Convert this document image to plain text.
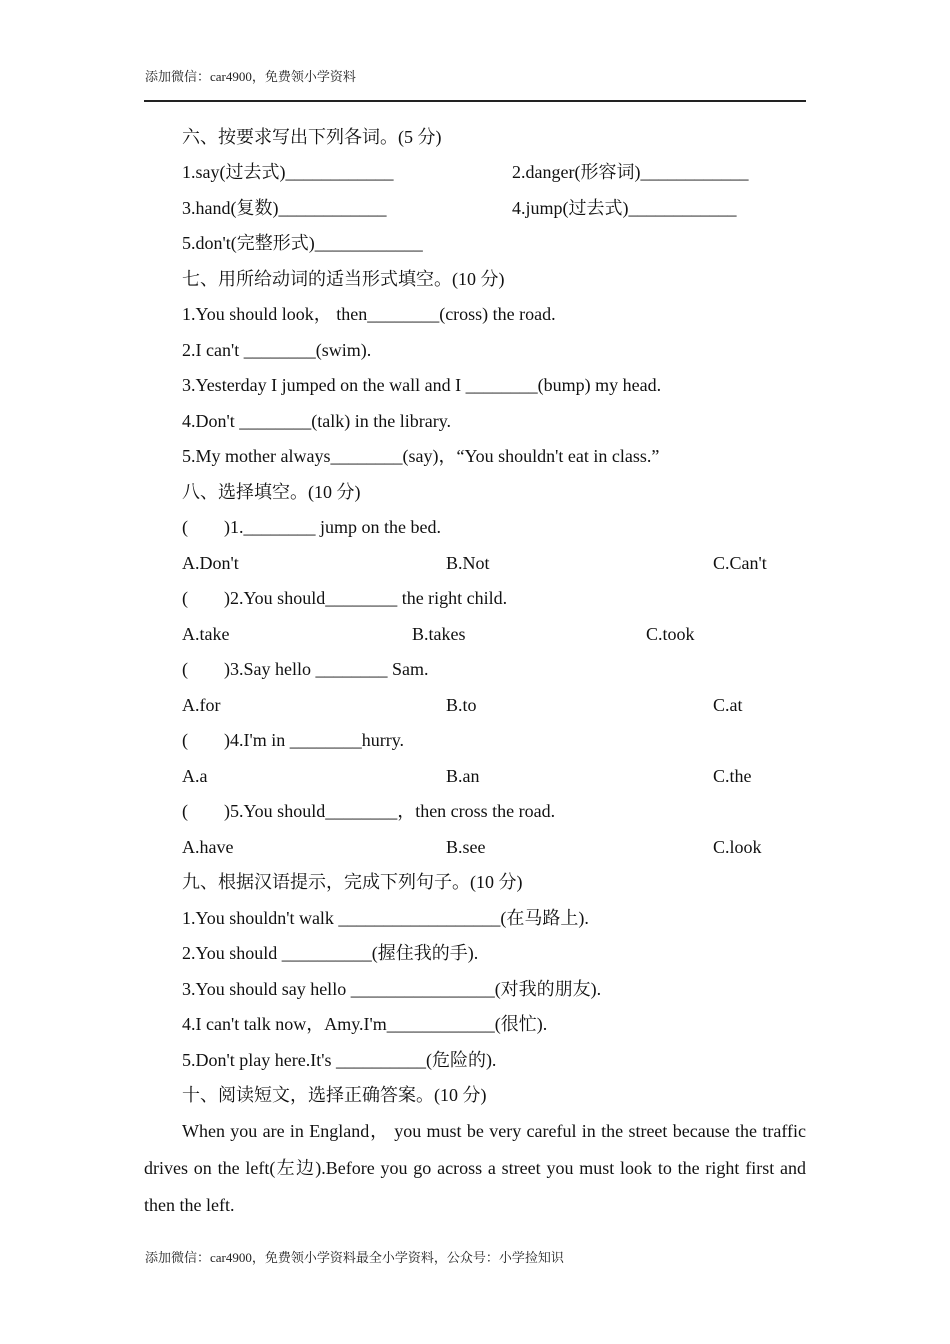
添加微信：car4900，免费领小学资料
六、按要求写出下列各词。(5 分)
1.say(过去式)____________	2.danger(形容词)____________
3.hand(复数)____________	4.jump(过去式)____________
5.don't(完整形式)____________
七、用所给动词的适当形式填空。(10 分)
1.You should look， then________(cross) the road.
2.I can't ________(swim).
3.Yesterday I jumped on the wall and I ________(bump) my head.
4.Don't ________(talk) in the library.
5.My mother always________(say)，“You shouldn't eat in class.”
八、选择填空。(10 分)
(　　)1.________ jump on the bed.
A.Don't	B.Not	C.Can't
(　　)2.You should________ the right child.
A.take	B.takes	C.took
(　　)3.Say hello ________ Sam.
A.for	B.to	C.at
(　　)4.I'm in ________hurry.
A.a	B.an	C.the
(　　)5.You should________，then cross the road.
A.have	B.see	C.look
九、根据汉语提示，完成下列句子。(10 分)
1.You shouldn't walk __________________(在马路上).
2.You should __________(握住我的手).
3.You should say hello ________________(对我的朋友).
4.I can't talk now，Amy.I'm____________(很忙).
5.Don't play here.It's __________(危险的).
十、阅读短文，选择正确答案。(10 分)
When you are in England， you must be very careful in the street because the traffic drives on the left(左边).Before you go across a street you must look to the right first and then the left.
添加微信：car4900，免费领小学资料最全小学资料，公众号：小学捡知识
